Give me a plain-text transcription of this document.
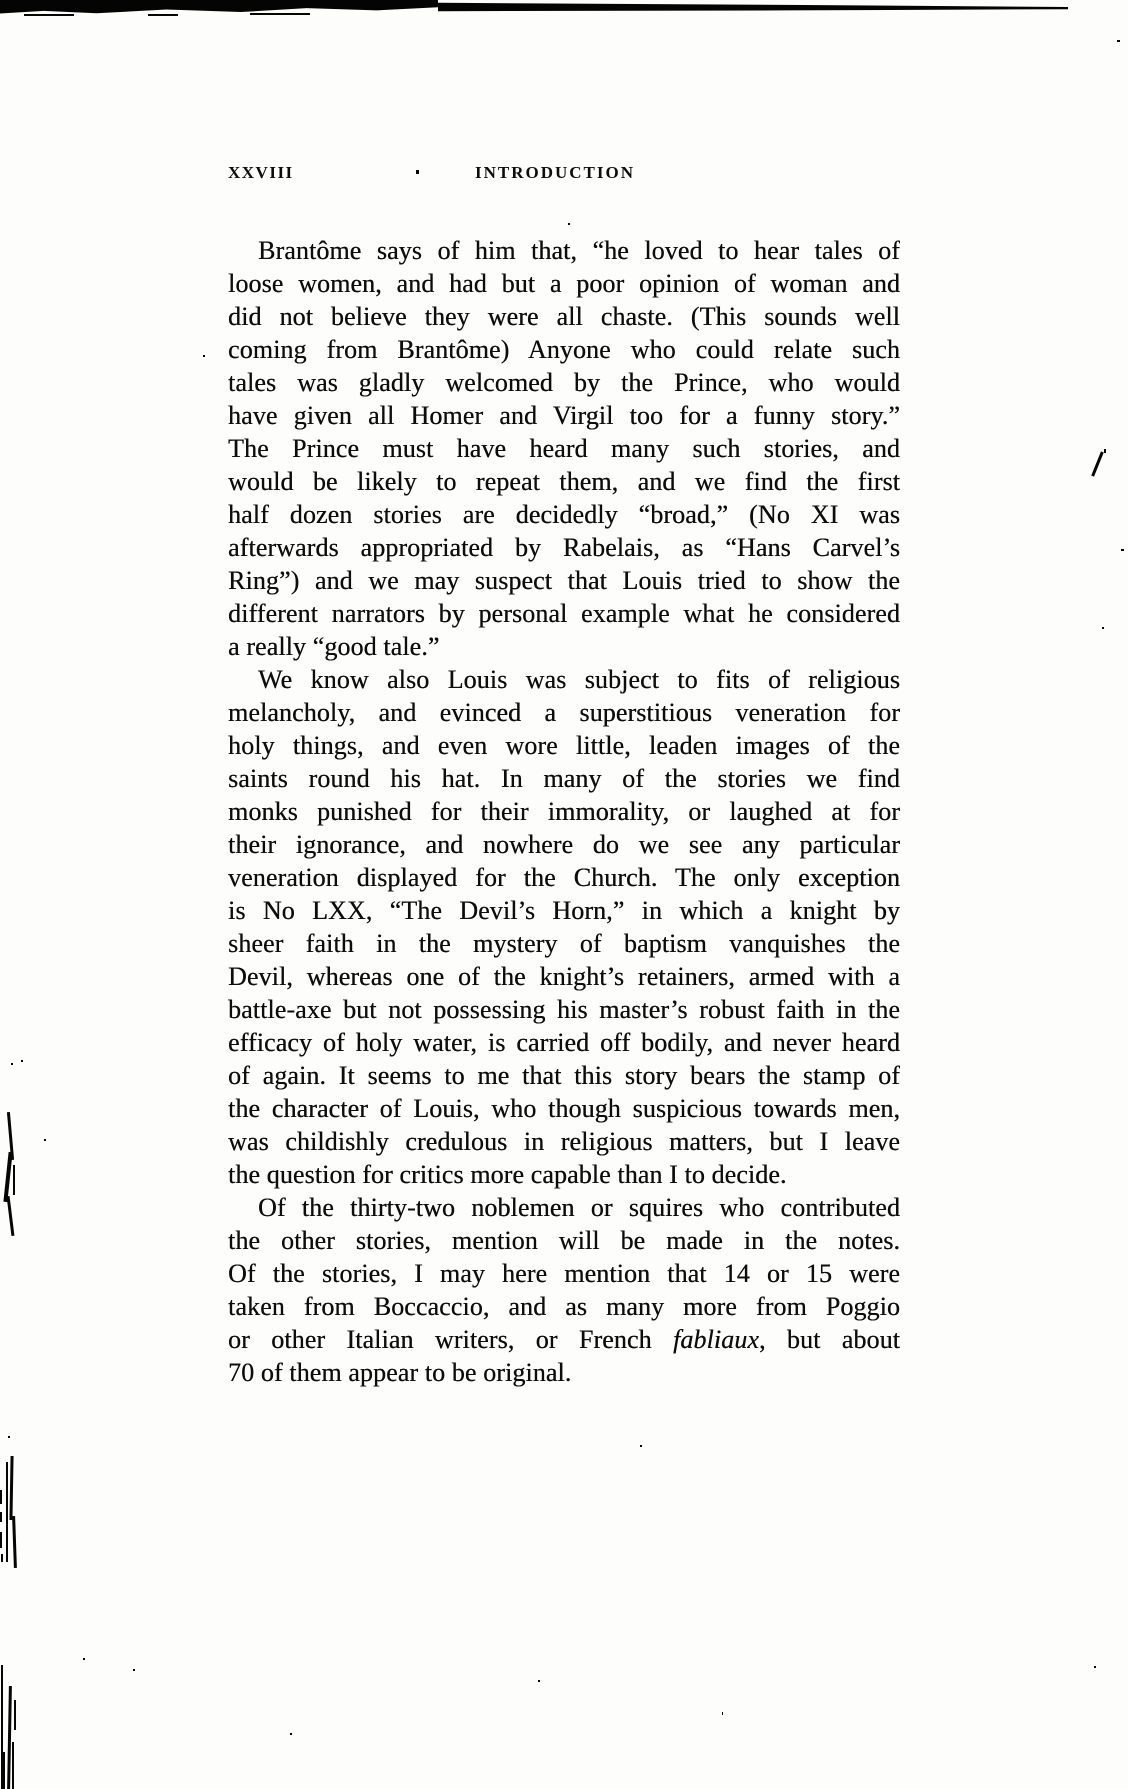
XXVIII	INTRODUCTION
Brantôme says of him that, “he loved to hear tales of
loose women, and had but a poor opinion of woman and
did not believe they were all chaste. (This sounds well
coming from Brantôme) Anyone who could relate such
tales was gladly welcomed by the Prince, who would
have given all Homer and Virgil too for a funny story.”
The Prince must have heard many such stories, and
would be likely to repeat them, and we find the first
half dozen stories are decidedly “broad,” (No XI was
afterwards appropriated by Rabelais, as “Hans Carvel’s
Ring”) and we may suspect that Louis tried to show the
different narrators by personal example what he considered
a really “good tale.”
We know also Louis was subject to fits of religious
melancholy, and evinced a superstitious veneration for
holy things, and even wore little, leaden images of the
saints round his hat. In many of the stories we find
monks punished for their immorality, or laughed at for
their ignorance, and nowhere do we see any particular
veneration displayed for the Church. The only exception
is No LXX, “The Devil’s Horn,” in which a knight by
sheer faith in the mystery of baptism vanquishes the
Devil, whereas one of the knight’s retainers, armed with a
battle-axe but not possessing his master’s robust faith in the
efficacy of holy water, is carried off bodily, and never heard
of again. It seems to me that this story bears the stamp of
the character of Louis, who though suspicious towards men,
was childishly credulous in religious matters, but I leave
the question for critics more capable than I to decide.
Of the thirty-two noblemen or squires who contributed
the other stories, mention will be made in the notes.
Of the stories, I may here mention that 14 or 15 were
taken from Boccaccio, and as many more from Poggio
or other Italian writers, or French fabliaux, but about
70 of them appear to be original.
